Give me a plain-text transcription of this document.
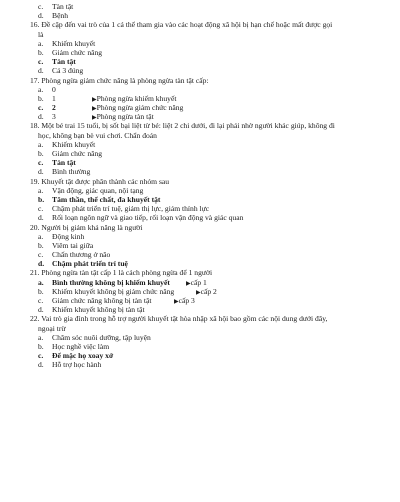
c. Tàn tật
d. Bệnh
16. Đề cập đến vai trò của 1 cá thể tham gia vào các hoạt động xã hội bị hạn chế hoặc mất được gọi
là
a. Khiếm khuyết
b. Giảm chức năng
c. Tàn tật
d. Cả 3 đúng
17. Phòng ngừa giảm chức năng là phòng ngừa tàn tật cấp:
a. 0
b. 1	▶Phòng ngừa khiếm khuyết
c. 2	▶Phòng ngừa giảm chức năng
d. 3	▶Phòng ngừa tàn tật
18. Một bé trai 15 tuổi, bị sốt bại liệt từ bé: liệt 2 chi dưới, đi lại phải nhờ người khác giúp, không đi
học, không bạn bè vui chơi. Chẩn đoán
a. Khiếm khuyết
b. Giảm chức năng
c. Tàn tật
d. Bình thường
19. Khuyết tật được phân thành các nhóm sau
a. Vận động, giác quan, nội tạng
b. Tâm thần, thể chất, đa khuyết tật
c. Chậm phát triển trí tuệ, giảm thị lực, giảm thính lực
d. Rối loạn ngôn ngữ và giao tiếp, rối loạn vận động và giác quan
20. Người bị giảm khả năng là người
a. Động kinh
b. Viêm tai giữa
c. Chấn thương ở não
d. Chậm phát triển trí tuệ
21. Phòng ngừa tàn tật cấp 1 là cách phòng ngừa để 1 người
a. Bình thường không bị khiếm khuyết	▶cấp 1
b. Khiếm khuyết không bị giảm chức năng	▶cấp 2
c. Giảm chức năng không bị tàn tật	▶cấp 3
d. Khiếm khuyết không bị tàn tật
22. Vai trò gia đình trong hỗ trợ người khuyết tật hòa nhập xã hội bao gồm các nội dung dưới đây,
ngoại trừ
a. Chăm sóc nuôi dưỡng, tập luyện
b. Học nghề việc làm
c. Để mặc họ xoay xở
d. Hỗ trợ học hành
